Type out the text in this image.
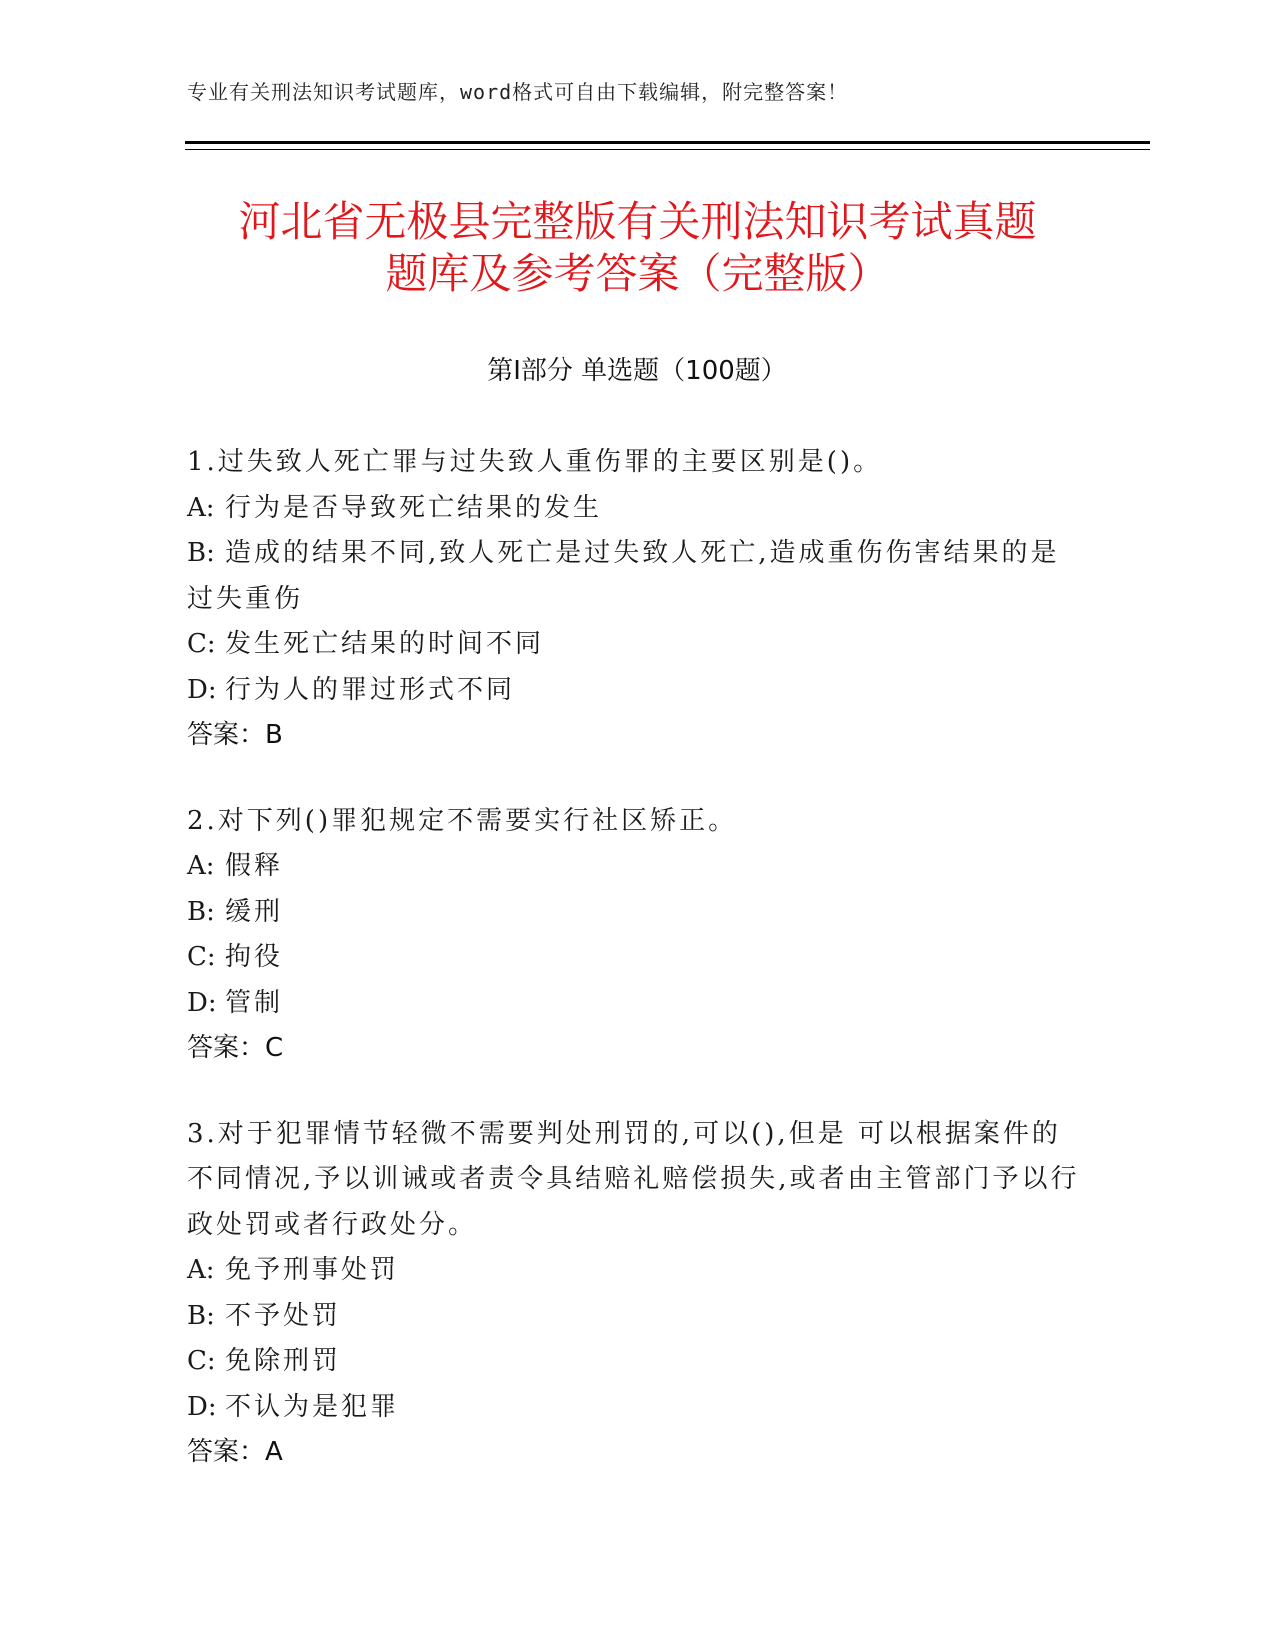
专业有关刑法知识考试题库，word格式可自由下载编辑，附完整答案！
河北省无极县完整版有关刑法知识考试真题
题库及参考答案（完整版）
第Ⅰ部分 单选题（100题）
1.过失致人死亡罪与过失致人重伤罪的主要区别是()。
A: 行为是否导致死亡结果的发生
B: 造成的结果不同,致人死亡是过失致人死亡,造成重伤伤害结果的是过失重伤
C: 发生死亡结果的时间不同
D: 行为人的罪过形式不同
答案：B
2.对下列()罪犯规定不需要实行社区矫正。
A: 假释
B: 缓刑
C: 拘役
D: 管制
答案：C
3.对于犯罪情节轻微不需要判处刑罚的,可以(),但是 可以根据案件的不同情况,予以训诫或者责令具结赔礼赔偿损失,或者由主管部门予以行政处罚或者行政处分。
A: 免予刑事处罚
B: 不予处罚
C: 免除刑罚
D: 不认为是犯罪
答案：A
